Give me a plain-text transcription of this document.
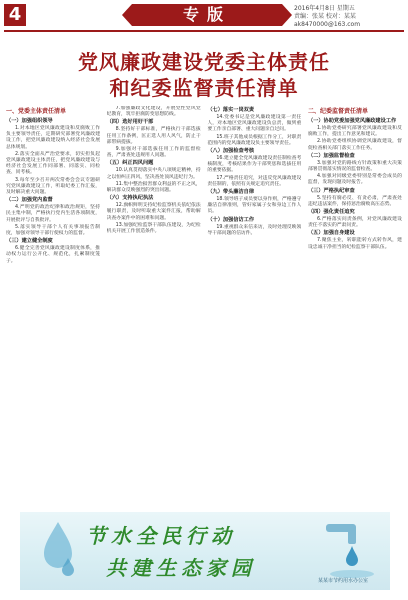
4	专版	2016年4月8日 星期五
责编：张某 校对：某某 ak8470000@163.com
党风廉政建设党委主体责任
和纪委监督责任清单
一、党委主体责任清单
（一）加强组织领导
1.对本地区党风廉政建设和反腐败工作负主要领导责任，定期研究部署党风廉政建设工作，把党风廉政建设纳入经济社会发展总体规划。
2.落实全面从严治党要求，切实担负起党风廉政建设主体责任，把党风廉政建设与经济社会发展工作同部署、同落实、同检查、同考核。
3.每年至少召开两次常委会会议专题研究党风廉政建设工作，听取纪委工作汇报，及时解决重大问题。
（二）加强党内监督
4.严明党的政治纪律和政治规矩，坚持民主集中制，严格执行党内生活各项制度，开展批评与自我批评。
5.落实领导干部个人有关事项报告制度，加强对领导干部行使权力的监督。
（三）建立健全制度
6.健全完善党风廉政建设制度体系，推动权力运行公开化、规范化，扎紧制度笼子。
7.加强廉政文化建设，开展党性党风党纪教育，筑牢拒腐防变思想防线。
（四）选好用好干部
8.坚持好干部标准，严格执行干部选拔任用工作条例，匡正选人用人风气，防止干部带病提拔。
9.加强对干部选拔任用工作的监督检查，严肃查处违规用人问题。
（五）纠正四风问题
10.认真贯彻落实中央八项规定精神，持之以恒纠正四风，坚决查处顶风违纪行为。
11.集中整治损害群众利益的不正之风，解决群众反映强烈的突出问题。
（六）支持执纪执法
12.旗帜鲜明支持纪检监察机关依纪依法履行职责，及时听取重大案件汇报，帮助解决查办案件中的困难和问题。
13.加强纪检监察干部队伍建设，为纪检机关开展工作创造条件。
（七）落实一岗双责
14.党委书记是党风廉政建设第一责任人，对本地区党风廉政建设负总责，做到重要工作亲自部署、重大问题亲自过问。
15.班子其他成员根据工作分工，对职责范围内的党风廉政建设负主要领导责任。
（八）加强检查考核
16.建立健全党风廉政建设责任制检查考核制度，考核结果作为干部奖惩和选拔任用的重要依据。
17.严格责任追究，对违反党风廉政建设责任制的，依照有关规定追究责任。
（九）带头廉洁自律
18.领导班子成员要以身作则，严格遵守廉洁自律准则，管好家属子女和身边工作人员。
（十）加强信访工作
19.重视群众来信来访，及时处理反映领导干部问题的信访件。
二、纪委监督责任清单
（一）协助党委加强党风廉政建设工作
1.协助党委研究部署党风廉政建设和反腐败工作，提出工作意见和建议。
2.协助党委组织协调党风廉政建设，督促检查相关部门落实工作任务。
（二）加强监督检查
3.加强对党的路线方针政策和重大决策部署贯彻落实情况的监督检查。
4.加强对同级党委特别是常委会成员的监督，发现问题及时报告。
（三）严格执纪审查
5.坚持有腐必反、有贪必肃，严肃查处违纪违法案件，保持惩治腐败高压态势。
（四）强化责任追究
6.严格落实问责条例，对党风廉政建设责任不落实的严肃问责。
（五）加强自身建设
7.聚焦主业，转职能转方式转作风，建设忠诚干净担当的纪检监察干部队伍。
节水全民行动
共建生态家园
某某市节约用水办公室
